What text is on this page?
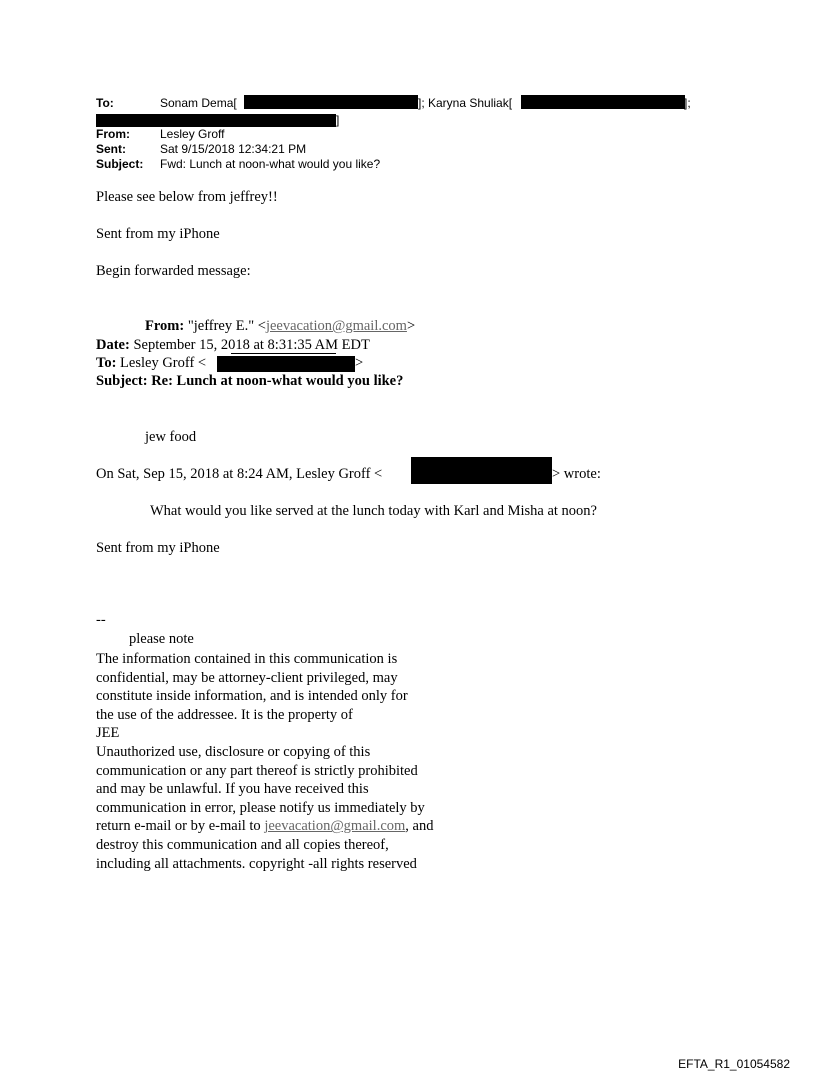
To:	Sonam Dema[	]; Karyna Shuliak[	];
]
From:	Lesley Groff
Sent:	Sat 9/15/2018 12:34:21 PM
Subject: Fwd: Lunch at noon-what would you like?
Please see below from jeffrey!!
Sent from my iPhone
Begin forwarded message:
From: "jeffrey E." <jeevacation@gmail.com>
Date: September 15, 2018 at 8:31:35 AM EDT
To: Lesley Groff <	>
Subject: Re: Lunch at noon-what would you like?
jew food
On Sat, Sep 15, 2018 at 8:24 AM, Lesley Groff <	> wrote:
What would you like served at the lunch today with Karl and Misha at noon?
Sent from my iPhone
--
please note
The information contained in this communication is
confidential, may be attorney-client privileged, may
constitute inside information, and is intended only for
the use of the addressee. It is the property of
JEE
Unauthorized use, disclosure or copying of this
communication or any part thereof is strictly prohibited
and may be unlawful. If you have received this
communication in error, please notify us immediately by
return e-mail or by e-mail to jeevacation@gmail.com, and
destroy this communication and all copies thereof,
including all attachments. copyright -all rights reserved
EFTA_R1_01054582
